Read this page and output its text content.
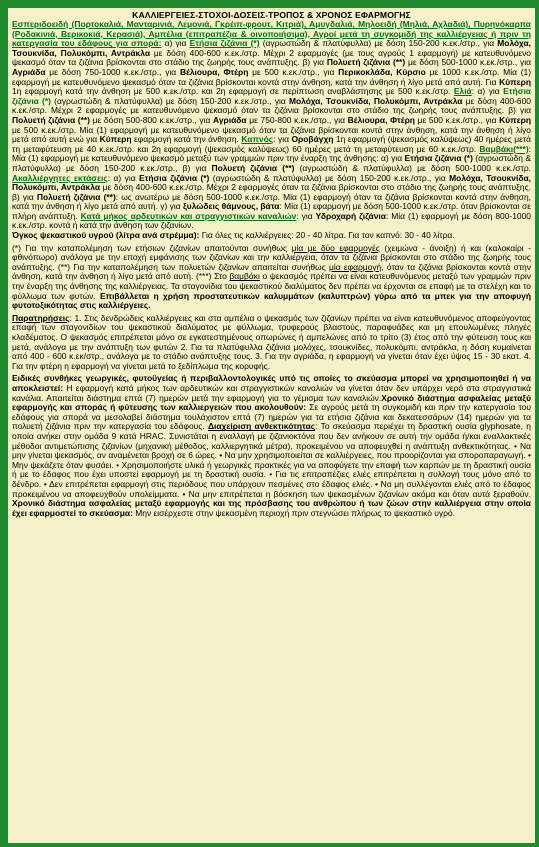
ΚΑΛΛΙΕΡΓΕΙΕΣ-ΣΤΟΧΟΙ-ΔΟΣΕΙΣ-ΤΡΟΠΟΣ & ΧΡΟΝΟΣ ΕΦΑΡΜΟΓΗΣ

Εσπεριδοειδή (Πορτοκαλιά, Μανταρινιά, Λεμονιά, Γκρέιπ-φρουτ, Κιτριά), Αμυγδαλιά, Μηλοειδή (Μηλιά, Αχλαδιά), Πυρηνόκαρπα (Ροδακινιά, Βερικοκιά, Κερασιά), Αμπέλια (επιτραπέζια & οινοποιήσιμα), Αγροί μετά τη συγκομιδή της καλλιέργειας ή πριν τη κατεργασία του εδάφους για σπορά: α) για Ετήσια ζιζάνια (*) (αγρωστώδη & πλατύφυλλα) με δόση 150-200 κ.εκ./στρ., για Μολόχα, Τσουκνίδα, Πολυκόμπι, Αντράκλα με δόση 400-600 κ.εκ./στρ. Μέχρι 2 εφαρμογές (με τους αγρούς 1 εφαρμογή) με κατευθυνόμενο ψεκασμό όταν τα ζιζάνια βρίσκονται στο στάδιο της ζωηρής τους ανάπτυξης. β) για Πολυετή ζιζάνια (**) με δόση 500-1000 κ.εκ./στρ., για Αγριάδα με δόση 750-1000 κ.εκ./στρ., για Βέλιουρα, Φτέρη με 500 κ.εκ./στρ., για Περικοκλάδα, Κύρσιο με 1000 κ.εκ./στρ. Μία (1) εφαρμογή με κατευθυνόμενο ψεκασμό όταν τα ζιζάνια βρίσκονται κοντά στην άνθηση, κατά την άνθηση ή λίγο μετά από αυτή. Για Κύπερη 1η εφαρμογή κατά την άνθηση με 500 κ.εκ./στρ. και 2η εφαρμογή σε περίπτωση αναβλάστησης με 500 κ.εκ./στρ. Ελιά: α) για Ετήσια ζιζάνια (*) (αγρωστώδη & πλατύφυλλα) με δόση 150-200 κ.εκ./στρ., για Μολόχα, Τσουκνίδα, Πολυκόμπι, Αντράκλα με δόση 400-600 κ.εκ./στρ. Μέχρι 2 εφαρμογές με κατευθυνόμενο ψεκασμό όταν τα ζιζάνια βρίσκονται στο στάδιο της ζωηρής τους ανάπτυξης. β) για Πολυετή ζιζάνια (**) με δόση 500-800 κ.εκ./στρ., για Αγριάδα με 750-800 κ.εκ./στρ., για Βέλιουρα, Φτέρη με 500 κ.εκ./στρ., για Κύπερη με 500 κ.εκ./στρ. Μία (1) εφαρμογή με κατευθυνόμενο ψεκασμό όταν τα ζιζάνια βρίσκονται κοντά στην άνθηση, κατά την άνθηση ή λίγο μετά από αυτή ενώ για Κύπερη εφαρμογή κατά την άνθηση. Καπνός: για Οροβάγχη 1η εφαρμογή (ψεκασμός καλύψεως) 40 ημέρες μετά τη μεταφύτευση με 40 κ.εκ./στρ. και 2η εφαρμογή (ψεκασμός καλύψεως) 60 ημέρες μετά τη μεταφύτευση με 60 κ.εκ./στρ. Βαμβάκι(***): Μία (1) εφαρμογή με κατευθυνόμενο ψεκασμό μεταξύ των γραμμών πριν την έναρξη της άνθησης: α) για Ετήσια ζιζάνια (*) (αγρωστώδη & πλατύφυλλα) με δόση 150-200 κ.εκ./στρ., β) για Πολυετή ζιζάνια (**) (αγρωστώδη & πλατύφυλλα) με δόση 500-1000 κ.εκ./στρ. Ακαλλιέργητες εκτάσεις: α) για Ετήσια ζιζάνια (*) (αγρωστώδη & πλατύφυλλα) με δόση 150-200 κ.εκ./στρ., για Μολόχα, Τσουκνίδα, Πολυκόμπι, Αντράκλα με δόση 400-600 κ.εκ./στρ. Μέχρι 2 εφαρμογές όταν τα ζιζάνια βρίσκονται στο στάδιο της ζωηρής τους ανάπτυξης. β) για Πολυετή ζιζάνια (**): ως ανωτέρω με δόση 500-1000 κ.εκ./στρ. Μία (1) εφαρμογή όταν τα ζιζάνια βρίσκονται κοντά στην άνθηση, κατά την άνθηση ή λίγο μετά από αυτή. γ) για ξυλώδεις θάμνους, βάτα: Μία (1) εφαρμογή με δόση 500-1000 κ.εκ./στρ. όταν βρίσκονται σε πλήρη ανάπτυξη. Κατά μήκος αρδευτικών και στραγγιστικών καναλιών: για Υδροχαρή ζιζάνια: Μία (1) εφαρμογή με δόση 800-1000 κ.εκ./στρ. κοντά ή κατά την άνθηση των ζιζανίων.

Όγκος ψεκαστικού υγρού (λίτρα ανά στρέμμα): Για όλες τις καλλιέργειες: 20 - 40 λίτρα. Για τον καπνό: 30 - 40 λίτρα.

(*) Για την καταπολέμηση των ετήσιων ζιζανίων απαιτούνται συνήθως μία με δύο εφαρμογές (χειμώνα - άνοιξη) ή και (καλοκαίρι - φθινόπωρο) ανάλογα με την εποχή εμφάνισης των ζιζανίων και την καλλιέργεια, όταν τα ζιζάνια βρίσκονται στο στάδιο της ζωηρής τους ανάπτυξης. (**) Για την καταπολέμηση των πολυετών ζιζανίων απαιτείται συνήθως μία εφαρμογή, όταν τα ζιζάνια βρίσκονται κοντά στην άνθηση, κατά την άνθηση ή λίγο μετά από αυτή. (***) Στο βαμβάκι ο ψεκασμός πρέπει να είναι κατευθυνόμενος μεταξύ των γραμμών πριν την έναρξη της άνθησης της καλλιέργειας. Τα σταγονίδια του ψεκαστικού διαλύματος δεν πρέπει να έρχονται σε επαφή με τα στελέχη και το φύλλωμα των φυτών. Επιβάλλεται η χρήση προστατευτικών καλυμμάτων (καλυπτρών) γύρω από τα μπεκ για την αποφυγή φυτοτοξικότητας στις καλλιέργειες.

Παρατηρήσεις: 1. Στις δενδρώδεις καλλιέργειες και στα αμπέλια ο ψεκασμός των ζιζανίων πρέπει να είναι κατευθυνόμενος αποφεύγοντας επαφή των σταγονιδίων του ψεκαστικού διαλύματος με φύλλωμα, τρυφερούς βλαστούς, παραφυάδες και μη επουλωμένες πληγές κλαδέματος. Ο ψεκασμός επιτρέπεται μόνο σε εγκατεστημένους οπωρώνες ή αμπελώνες από το τρίτο (3) έτος από την φύτευση τους και μετά, ανάλογα με την ανάπτυξη των φυτών 2. Για τα πλατύφυλλα ζιζάνια μολόχες, τσουκνίδες, πολυκόμπι, αντράκλα, η δόση κυμαίνεται από 400 - 600 κ.εκ/στρ., ανάλογα με το στάδιο ανάπτυξης τους. 3. Για την αγριάδα, η εφαρμογή να γίνεται όταν έχει ύψος 15 - 30 εκατ. 4. Για την φτέρη η εφαρμογή να γίνεται μετά το ξεδίπλωμα της κορυφής.

Ειδικές συνθήκες γεωργικές, φυτοϋγείας ή περιβαλλοντολογικές υπό τις οποίες το σκεύασμα μπορεί να χρησιμοποιηθεί ή να αποκλειστεί: Η εφαρμογή κατά μήκος των αρδευτικών και στραγγιστικών καναλιών να γίνεται όταν δεν υπάρχει νερό στα στραγγιστικά κανάλια. Απαιτείται διάστημα επτά (7) ημερών μετά την εφαρμογή για το γέμισμα των καναλιών.Χρονικό διάστημα ασφαλείας μεταξύ εφαρμογής και σποράς ή φύτευσης των καλλιεργειών που ακολουθούν: Σε αγρούς μετά τη συγκομιδή και πριν την κατεργασία του εδάφους για σπορά να μεσολαβεί διάστημα τουλάχιστον επτά (7) ημερών για τα ετήσια ζιζάνια και δεκατεσσάρων (14) ημερών για τα πολυετή ζιζάνια πριν την κατεργασία του εδάφους. Διαχείριση ανθεκτικότητας: Το σκεύασμα περιέχει τη δραστική ουσία glyphosate, η οποία ανήκει στην ομάδα 9 κατά HRAC. Συνιστάται η εναλλαγή με ζιζανιοκτόνα που δεν ανήκουν σε αυτή την ομάδα ή/και εναλλακτικές μέθοδοι αντιμετώπισης ζιζανίων (μηχανική μέθοδος, καλλιεργητικά μέτρα), προκειμένου να αποφευχθεί η ανάπτυξη ανθεκτικότητας. • Να μην γίνεται ψεκασμός, αν αναμένεται βροχή σε 6 ώρες. • Να μην χρησιμοποιείται σε καλλιέργειες, που προορίζονται για σποροπαραγωγή. • Μην ψεκάζετε όταν φυσάει. • Χρησιμοποιήστε υλικά ή γεωργικές πρακτικές για να αποφύγετε την επαφή των καρπών με τη δραστική ουσία ή με το έδαφος που έχει υποστεί εφαρμογή με τη δραστική ουσία. • Για τις επιτραπέζιες ελιές επιτρέπεται η συλλογή τους μόνο από το δένδρο. • Δεν επιτρέπεται εφαρμογή στις περιόδους που υπάρχουν πεσμένες στο έδαφος ελιές. • Να μη συλλέγονται ελιές από το έδαφος προκειμένου να αποφευχθούν υπολείμματα. • Να μην επιτρέπεται η βόσκηση των ψεκασμένων ζιζανίων ακόμα και όταν αυτά ξεραθούν. Χρονικό διάστημα ασφαλείας μεταξύ εφαρμογής και της πρόσβασης του ανθρώπου ή των ζώων στην καλλιέργεια στην οποία έχει εφαρμοστεί το σκεύασμα: Μην εισέρχεστε στην ψεκασμένη περιοχή πριν στεγνώσει πλήρως το ψεκαστικό υγρό.
